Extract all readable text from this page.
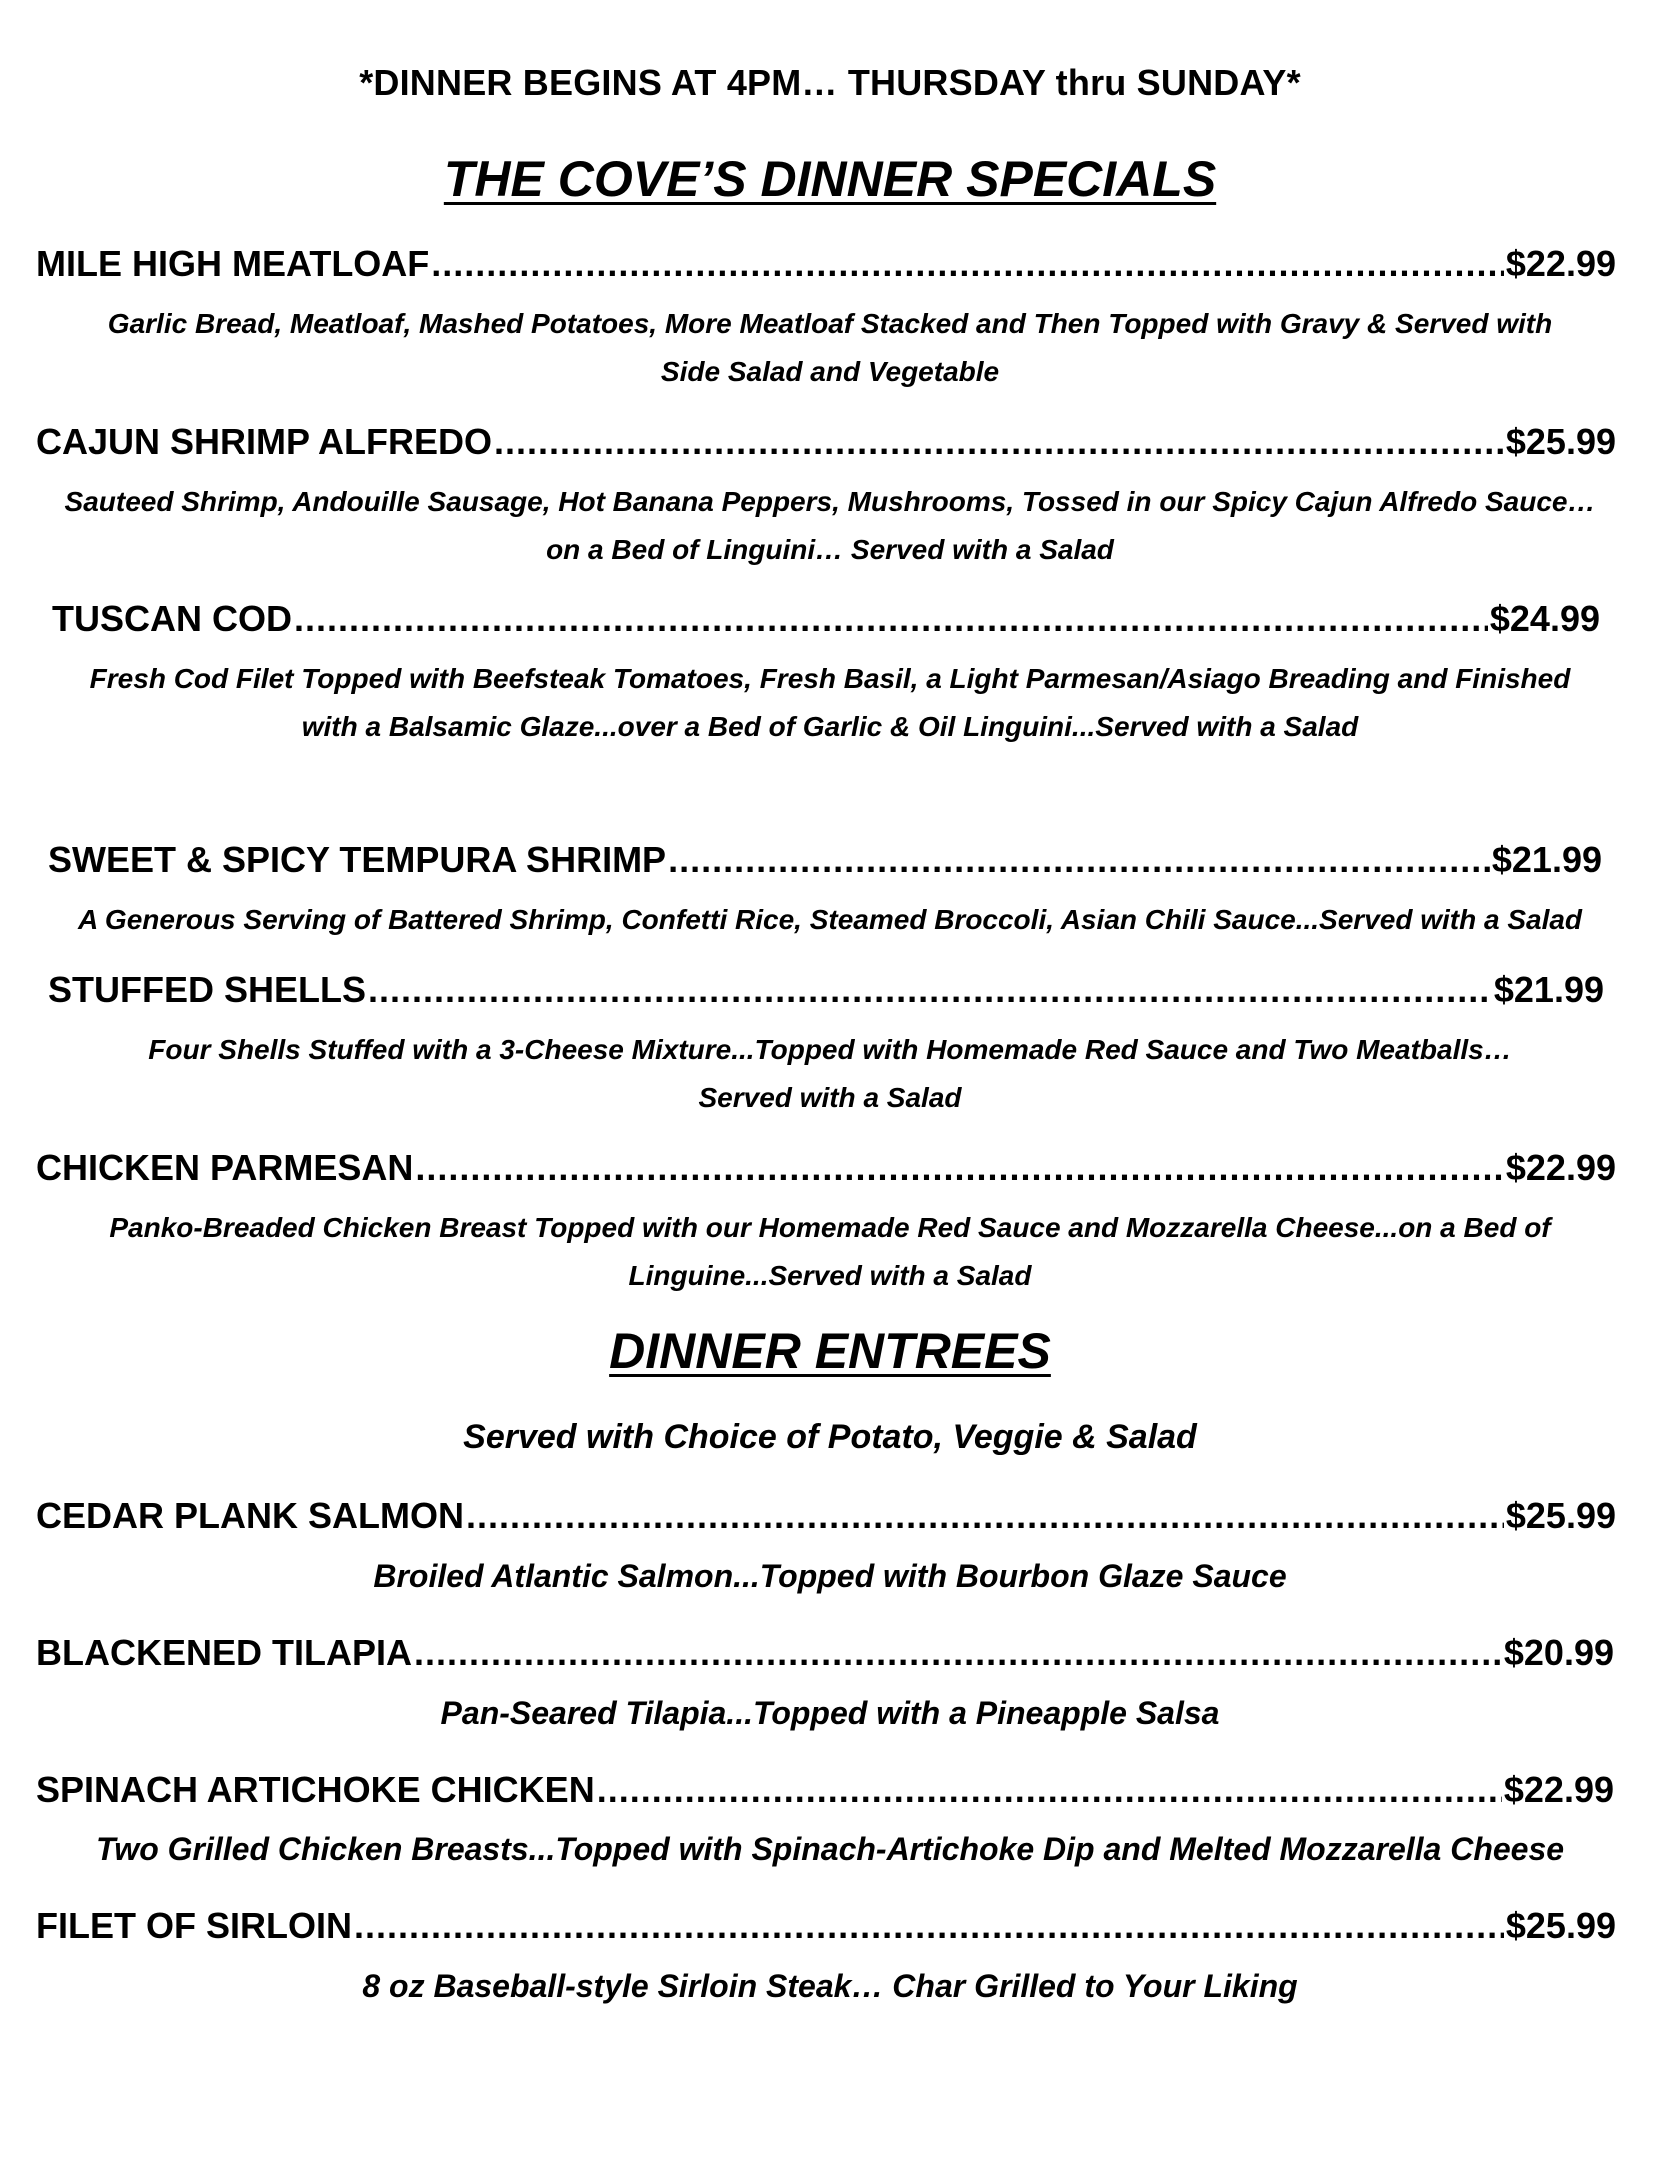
*DINNER BEGINS AT 4PM… THURSDAY thru SUNDAY*
THE COVE’S DINNER SPECIALS
MILE HIGH MEATLOAF .....	$22.99
Garlic Bread, Meatloaf, Mashed Potatoes, More Meatloaf Stacked and Then Topped with Gravy & Served with
Side Salad and Vegetable
CAJUN SHRIMP ALFREDO .....	$25.99
Sauteed Shrimp, Andouille Sausage, Hot Banana Peppers, Mushrooms, Tossed in our Spicy Cajun Alfredo Sauce…
on a Bed of Linguini… Served with a Salad
TUSCAN COD .....	$24.99
Fresh Cod Filet Topped with Beefsteak Tomatoes, Fresh Basil, a Light Parmesan/Asiago Breading and Finished
with a Balsamic Glaze...over a Bed of Garlic & Oil Linguini...Served with a Salad
SWEET & SPICY TEMPURA SHRIMP .....	$21.99
A Generous Serving of Battered Shrimp, Confetti Rice, Steamed Broccoli, Asian Chili Sauce...Served with a Salad
STUFFED SHELLS .....	$21.99
Four Shells Stuffed with a 3-Cheese Mixture...Topped with Homemade Red Sauce and Two Meatballs…
Served with a Salad
CHICKEN PARMESAN .....	$22.99
Panko-Breaded Chicken Breast Topped with our Homemade Red Sauce and Mozzarella Cheese...on a Bed of
Linguine...Served with a Salad
DINNER ENTREES
Served with Choice of Potato, Veggie & Salad
CEDAR PLANK SALMON .....	$25.99
Broiled Atlantic Salmon...Topped with Bourbon Glaze Sauce
BLACKENED TILAPIA .....	$20.99
Pan-Seared Tilapia...Topped with a Pineapple Salsa
SPINACH ARTICHOKE CHICKEN .....	$22.99
Two Grilled Chicken Breasts...Topped with Spinach-Artichoke Dip and Melted Mozzarella Cheese
FILET OF SIRLOIN .....	$25.99
8 oz Baseball-style Sirloin Steak… Char Grilled to Your Liking
